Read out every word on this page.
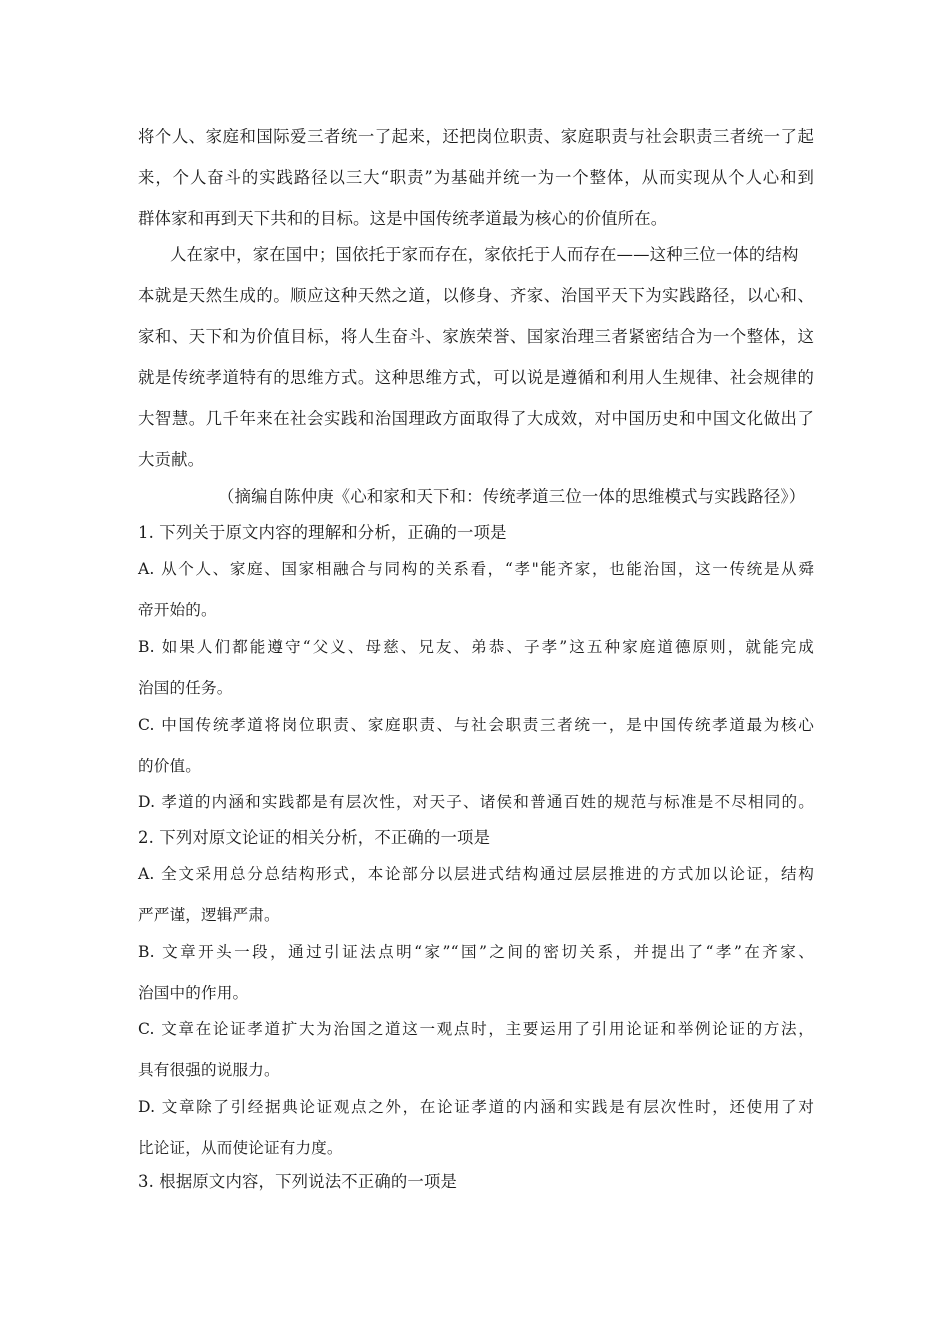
将个人、家庭和国际爱三者统一了起来，还把岗位职责、家庭职责与社会职责三者统一了起
来，个人奋斗的实践路径以三大“职责”为基础并统一为一个整体，从而实现从个人心和到
群体家和再到天下共和的目标。这是中国传统孝道最为核心的价值所在。
人在家中，家在国中；国依托于家而存在，家依托于人而存在——这种三位一体的结构
本就是天然生成的。顺应这种天然之道，以修身、齐家、治国平天下为实践路径，以心和、
家和、天下和为价值目标，将人生奋斗、家族荣誉、国家治理三者紧密结合为一个整体，这
就是传统孝道特有的思维方式。这种思维方式，可以说是遵循和利用人生规律、社会规律的
大智慧。几千年来在社会实践和治国理政方面取得了大成效，对中国历史和中国文化做出了
大贡献。
（摘编自陈仲庚《心和家和天下和：传统孝道三位一体的思维模式与实践路径》）
1. 下列关于原文内容的理解和分析，正确的一项是
A. 从个人、家庭、国家相融合与同构的关系看，“孝"能齐家，也能治国，这一传统是从舜
帝开始的。
B. 如果人们都能遵守“父义、母慈、兄友、弟恭、子孝”这五种家庭道德原则，就能完成
治国的任务。
C. 中国传统孝道将岗位职责、家庭职责、与社会职责三者统一，是中国传统孝道最为核心
的价值。
D. 孝道的内涵和实践都是有层次性，对天子、诸侯和普通百姓的规范与标准是不尽相同的。
2. 下列对原文论证的相关分析，不正确的一项是
A. 全文采用总分总结构形式，本论部分以层进式结构通过层层推进的方式加以论证，结构
严严谨，逻辑严肃。
B. 文章开头一段，通过引证法点明“家”“国”之间的密切关系，并提出了“孝”在齐家、
治国中的作用。
C. 文章在论证孝道扩大为治国之道这一观点时，主要运用了引用论证和举例论证的方法，
具有很强的说服力。
D. 文章除了引经据典论证观点之外，在论证孝道的内涵和实践是有层次性时，还使用了对
比论证，从而使论证有力度。
3. 根据原文内容，下列说法不正确的一项是
